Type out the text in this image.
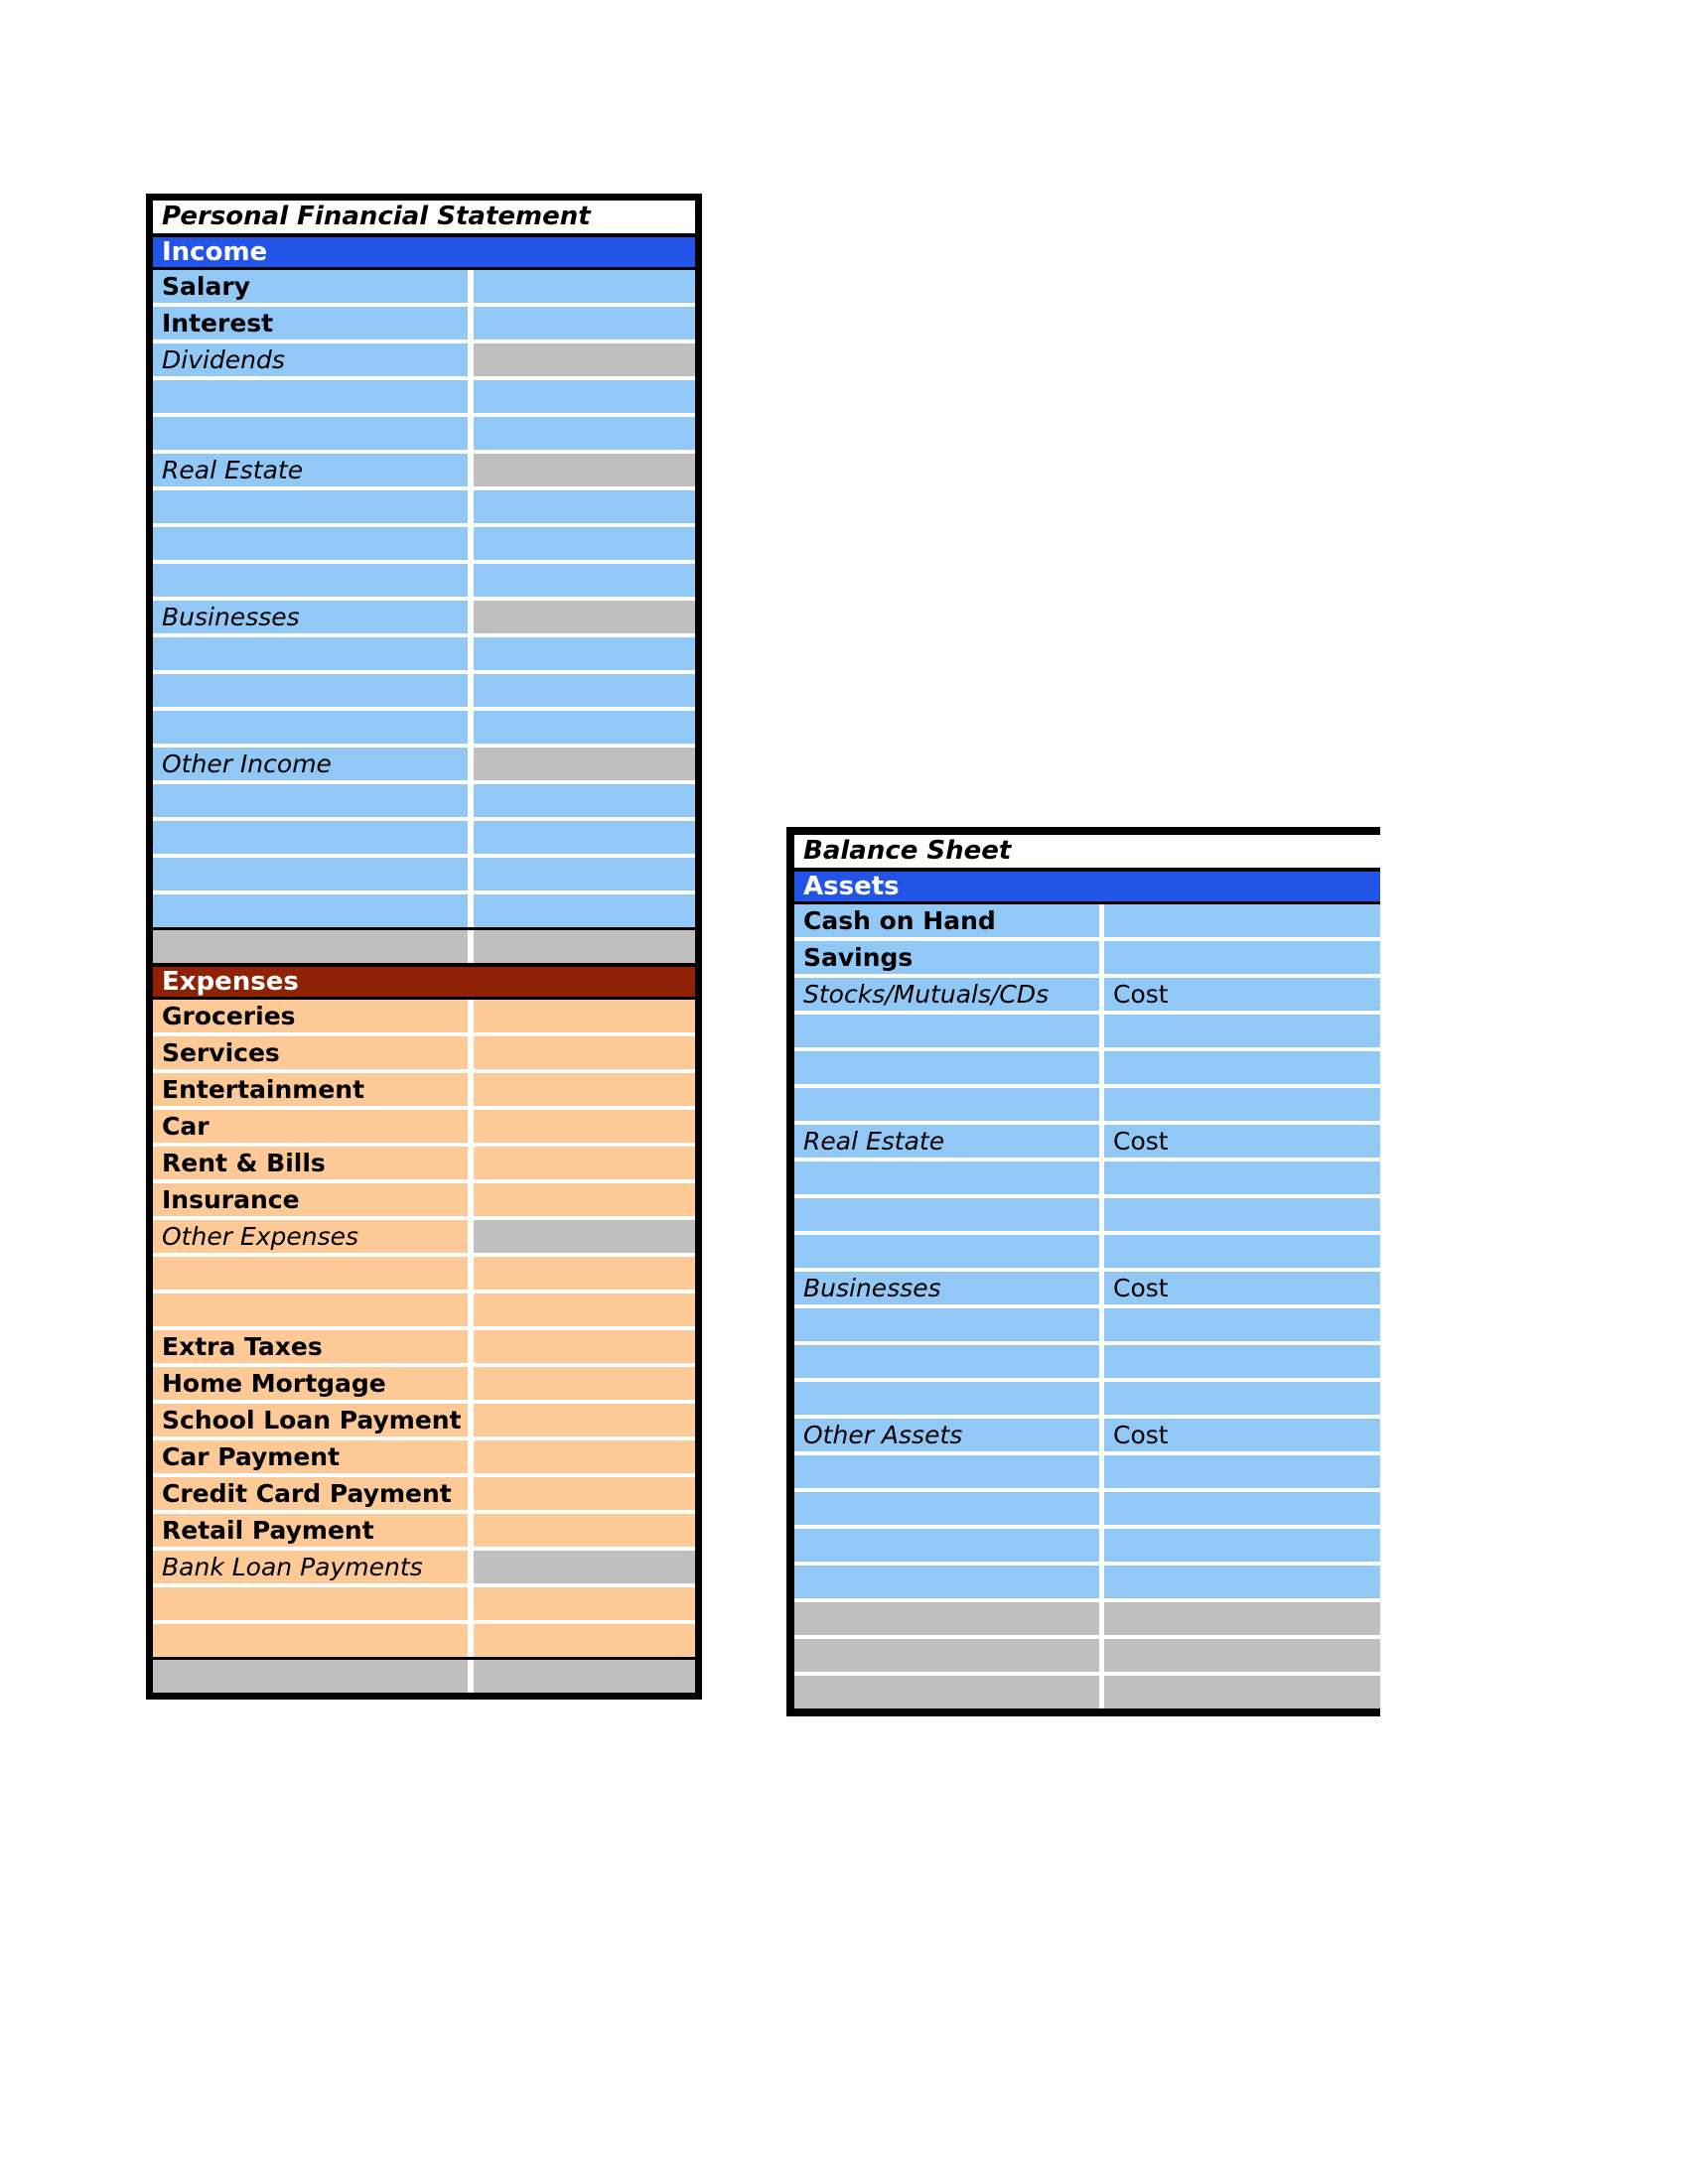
Personal Financial Statement
Income
Salary
Interest
Dividends
Real Estate
Businesses
Other Income
Expenses
Groceries
Services
Entertainment
Car
Rent & Bills
Insurance
Other Expenses
Extra Taxes
Home Mortgage
School Loan Payment
Car Payment
Credit Card Payment
Retail Payment
Bank Loan Payments
Balance Sheet
Assets
Cash on Hand
Savings
Stocks/Mutuals/CDs	Cost
Real Estate	Cost
Businesses	Cost
Other Assets	Cost
